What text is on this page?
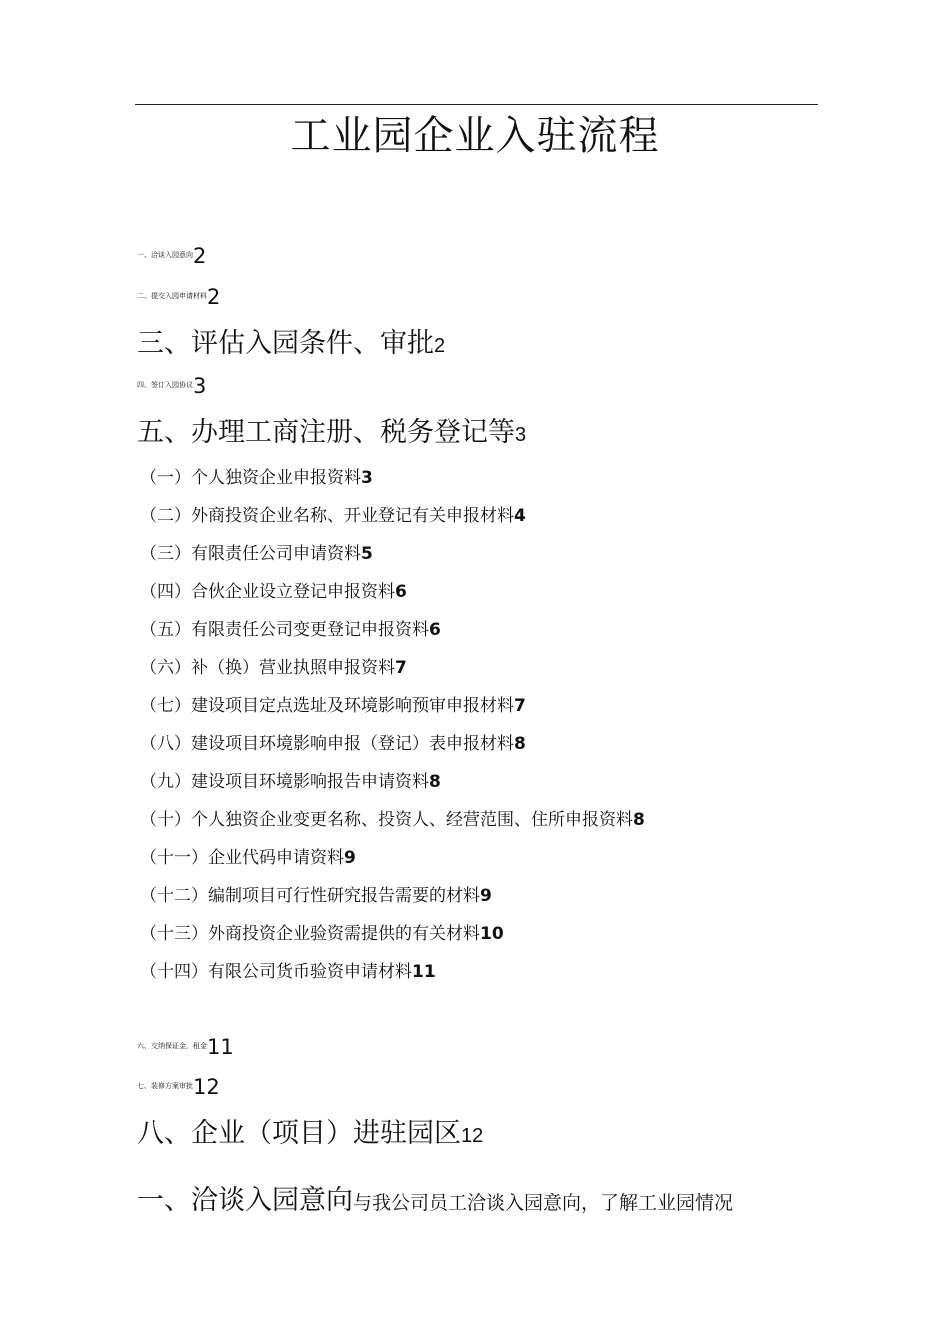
工业园企业入驻流程
一、洽谈入园意向2
二、提交入园申请材料2
三、评估入园条件、审批2
四、签订入园协议3
五、办理工商注册、税务登记等3
（一）个人独资企业申报资料3
（二）外商投资企业名称、开业登记有关申报材料4
（三）有限责任公司申请资料5
（四）合伙企业设立登记申报资料6
（五）有限责任公司变更登记申报资料6
（六）补（换）营业执照申报资料7
（七）建设项目定点选址及环境影响预审申报材料7
（八）建设项目环境影响申报（登记）表申报材料8
（九）建设项目环境影响报告申请资料8
（十）个人独资企业变更名称、投资人、经营范围、住所申报资料8
（十一）企业代码申请资料9
（十二）编制项目可行性研究报告需要的材料9
（十三）外商投资企业验资需提供的有关材料10
（十四）有限公司货币验资申请材料11
六、交纳保证金，租金11
七、装修方案审批12
八、企业（项目）进驻园区12
一、洽谈入园意向与我公司员工洽谈入园意向，了解工业园情况
